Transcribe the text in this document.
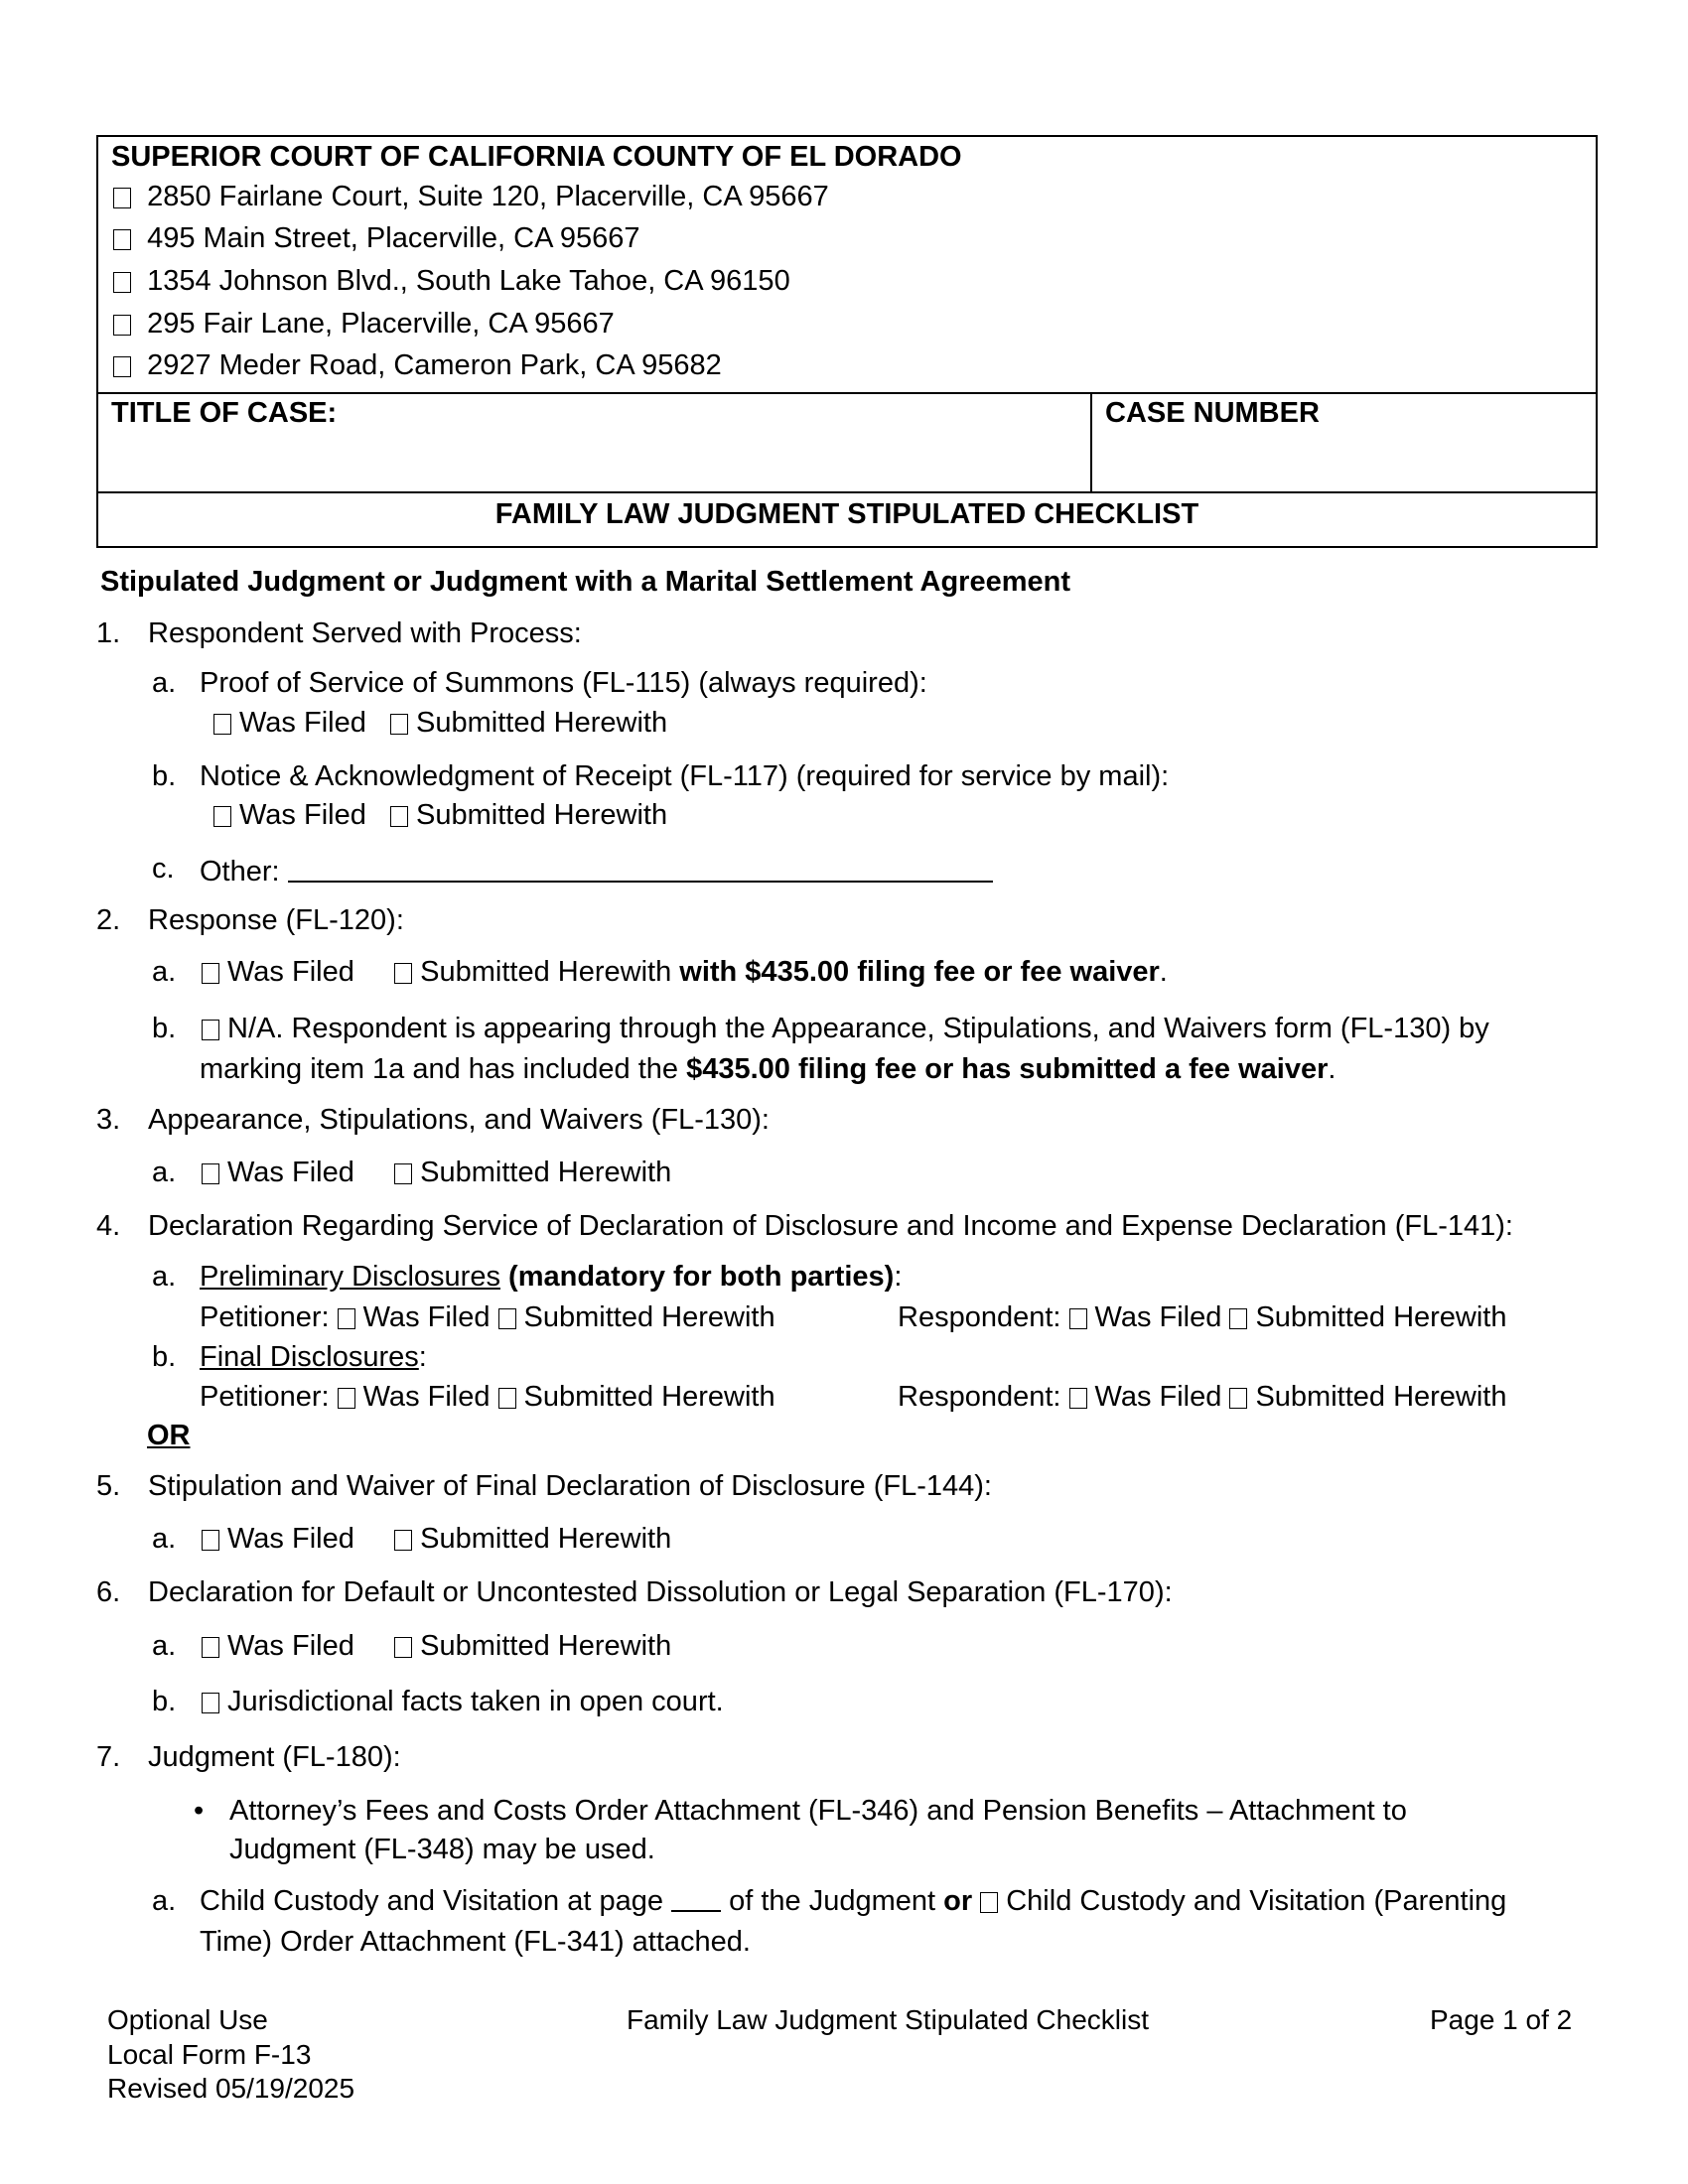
SUPERIOR COURT OF CALIFORNIA COUNTY OF EL DORADO
2850 Fairlane Court, Suite 120, Placerville, CA 95667
495 Main Street, Placerville, CA 95667
1354 Johnson Blvd., South Lake Tahoe, CA 96150
295 Fair Lane, Placerville, CA 95667
2927 Meder Road, Cameron Park, CA 95682
TITLE OF CASE:	CASE NUMBER
FAMILY LAW JUDGMENT STIPULATED CHECKLIST
Stipulated Judgment or Judgment with a Marital Settlement Agreement
1. Respondent Served with Process:
a. Proof of Service of Summons (FL-115) (always required):
Was Filed Submitted Herewith
b. Notice & Acknowledgment of Receipt (FL-117) (required for service by mail):
Was Filed Submitted Herewith
c. Other:
2. Response (FL-120):
a.	Was Filed Submitted Herewith with $435.00 filing fee or fee waiver.
b.	N/A. Respondent is appearing through the Appearance, Stipulations, and Waivers form (FL-130) by
marking item 1a and has included the $435.00 filing fee or has submitted a fee waiver.
3. Appearance, Stipulations, and Waivers (FL-130):
a.	Was Filed Submitted Herewith
4. Declaration Regarding Service of Declaration of Disclosure and Income and Expense Declaration (FL-141):
a. Preliminary Disclosures (mandatory for both parties):
Petitioner: Was Filed Submitted Herewith	Respondent: Was Filed Submitted Herewith
b. Final Disclosures:
Petitioner: Was Filed Submitted Herewith	Respondent: Was Filed Submitted Herewith
OR
5. Stipulation and Waiver of Final Declaration of Disclosure (FL-144):
a.	Was Filed Submitted Herewith
6. Declaration for Default or Uncontested Dissolution or Legal Separation (FL-170):
a.	Was Filed Submitted Herewith
b.	Jurisdictional facts taken in open court.
7. Judgment (FL-180):
• Attorney’s Fees and Costs Order Attachment (FL-346) and Pension Benefits – Attachment to
Judgment (FL-348) may be used.
a. Child Custody and Visitation at page of the Judgment or Child Custody and Visitation (Parenting
Time) Order Attachment (FL-341) attached.
Optional Use
Local Form F-13
Revised 05/19/2025
Family Law Judgment Stipulated Checklist	Page 1 of 2
